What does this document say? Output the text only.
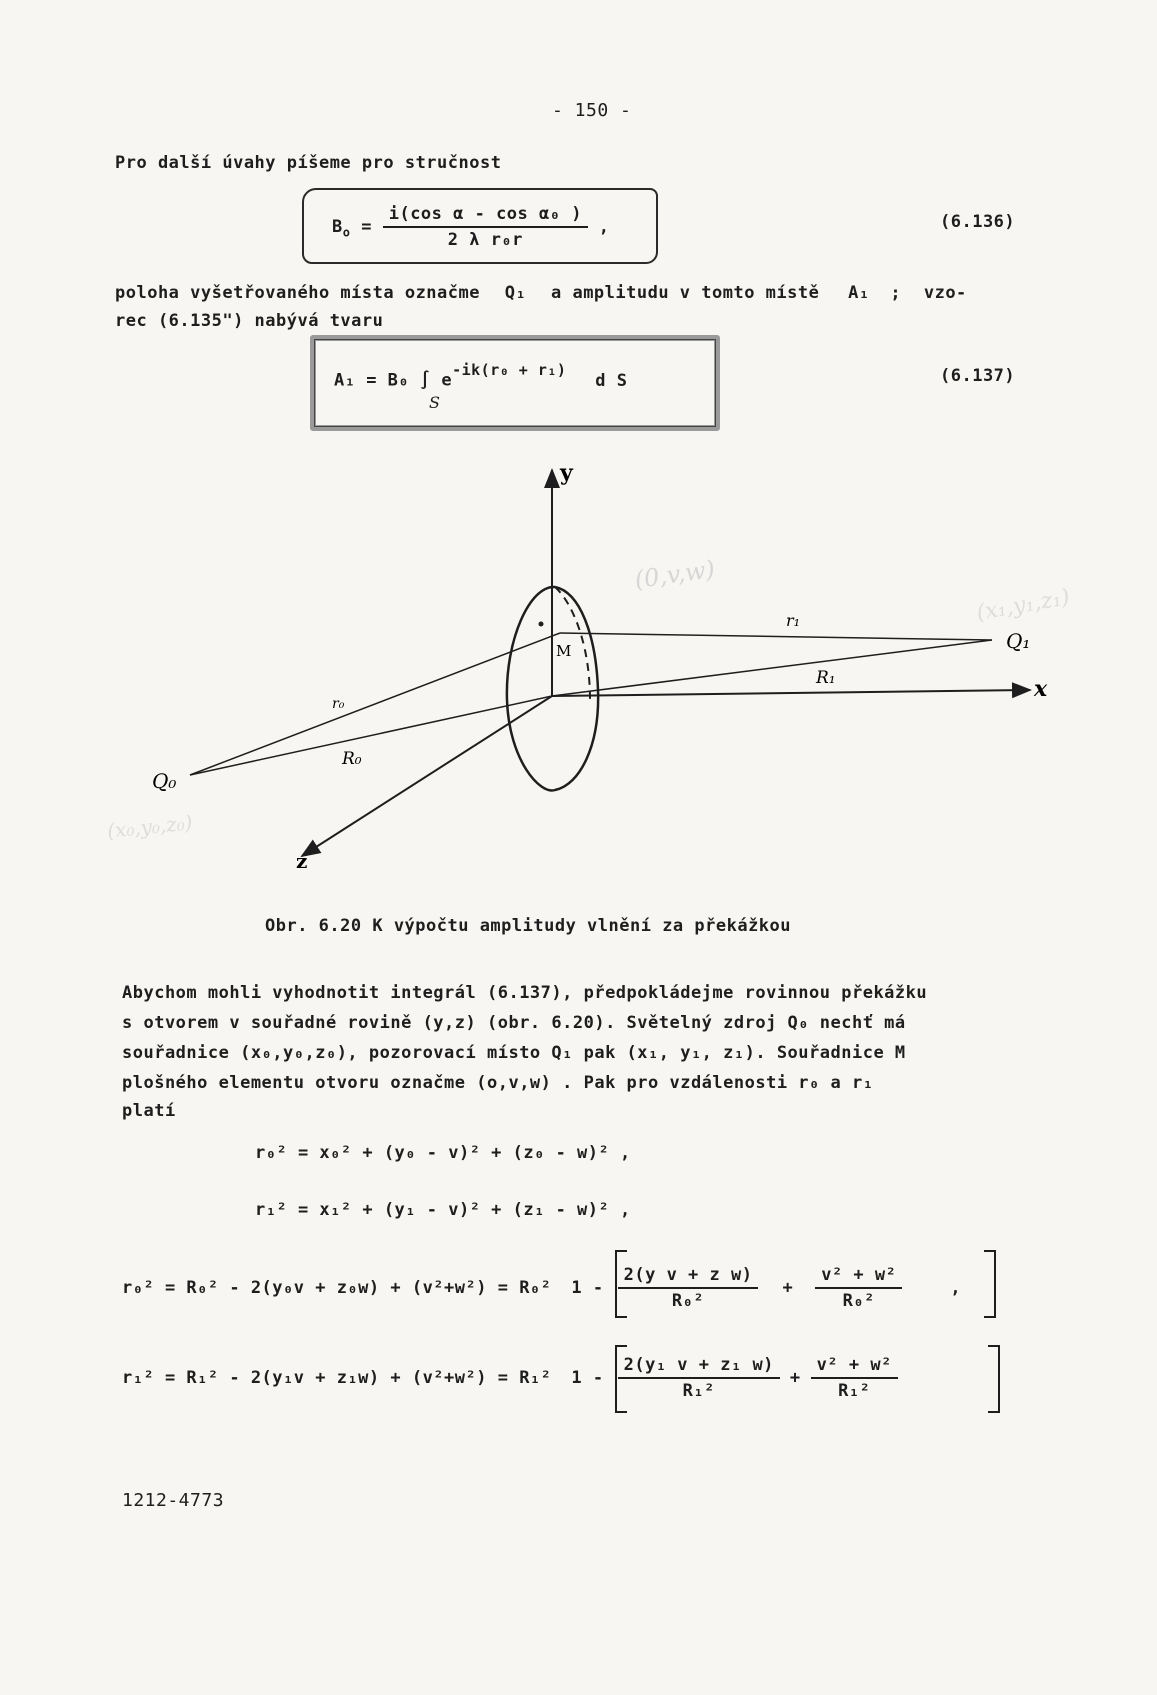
- 150 -
Pro další úvahy píšeme pro stručnost
$B_o = \frac{\text{i(cos α - cos α₀ )}}{\text{2 λ r₀r}}$ ,	(6.136)
poloha vyšetřovaného místa označme Q₁ a amplitudu v tomto místě A₁ ; vzo-
rec (6.135") nabývá tvaru
A₁ = B₀ ∫ $e^{-ik(r_0 + r_1)}$ d S
S
(6.137)
y
x
z
M	Q₁
Q₀
r₁
R₁
r₀
R₀
(0,v,w)
(x₁,y₁,z₁)
(x₀,y₀,z₀)
Obr. 6.20 K výpočtu amplitudy vlnění za překážkou
Abychom mohli vyhodnotit integrál (6.137), předpokládejme rovinnou překážku
s otvorem v souřadné rovině (y,z) (obr. 6.20). Světelný zdroj Q₀ nechť má
souřadnice (x₀,y₀,z₀), pozorovací místo Q₁ pak (x₁, y₁, z₁). Souřadnice M
plošného elementu otvoru označme (o,v,w) . Pak pro vzdálenosti r₀ a r₁
platí
r₀² = x₀² + (y₀ - v)² + (z₀ - w)² ,
r₁² = x₁² + (y₁ - v)² + (z₁ - w)² ,
r₀² = R₀² - 2(y₀v + z₀w) + (v²+w²) = R₀² $1 - \frac{\text{2(y v + z w)}}{\text{R₀²}} + \frac{\text{v² + w²}}{\text{R₀²}}$	,
r₁² = R₁² - 2(y₁v + z₁w) + (v²+w²) = R₁² $1 - \frac{\text{2(y₁ v + z₁ w)}}{\text{R₁²}} + \frac{\text{v² + w²}}{\text{R₁²}}$
1212-4773
